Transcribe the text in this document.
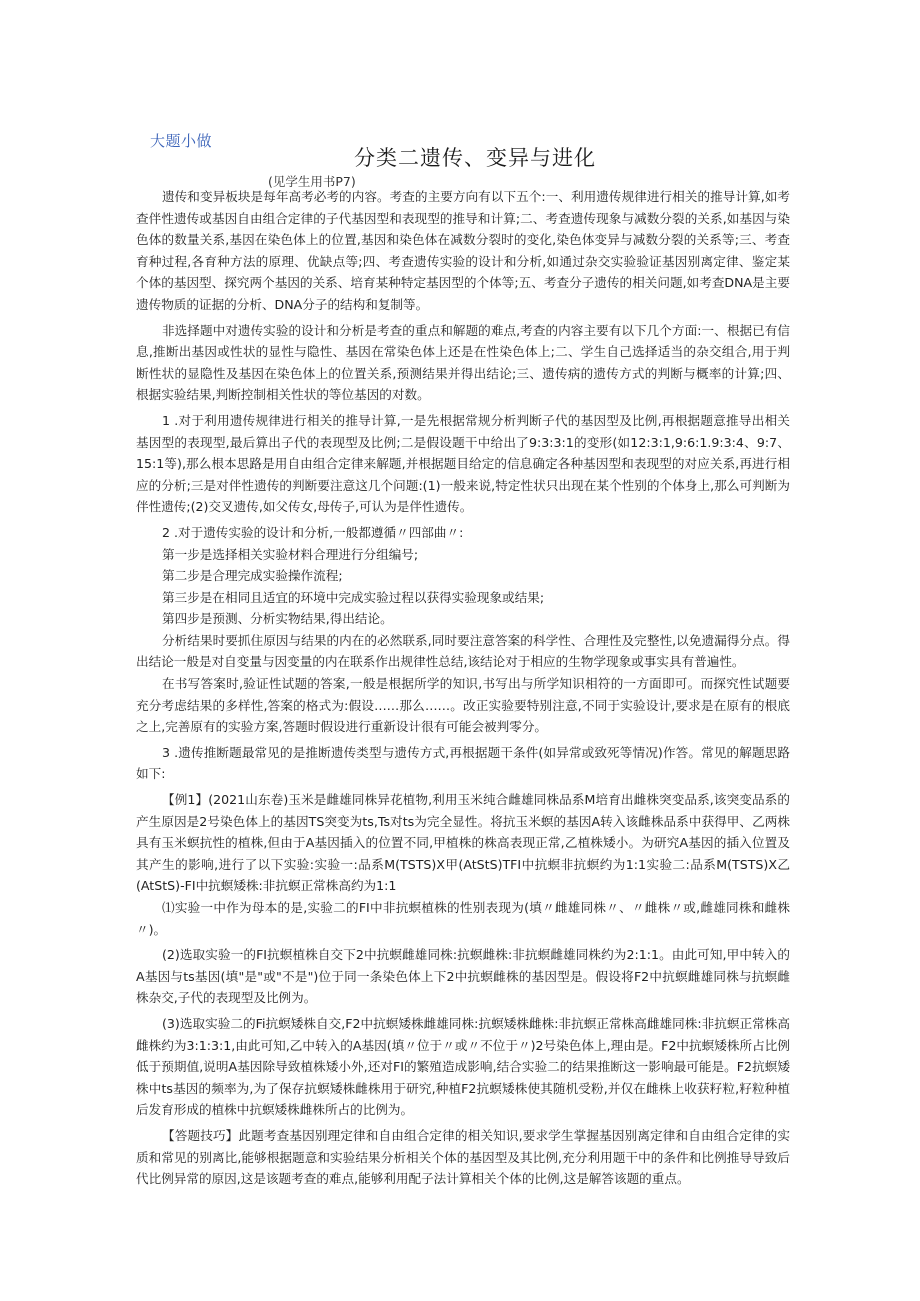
大题小做
分类二遗传、变异与进化
(见学生用书P7)

遗传和变异板块是每年高考必考的内容。考查的主要方向有以下五个:一、利用遗传规律进行相关的推导计算,如考查伴性遗传或基因自由组合定律的子代基因型和表现型的推导和计算;二、考查遗传现象与减数分裂的关系,如基因与染色体的数量关系,基因在染色体上的位置,基因和染色体在减数分裂时的变化,染色体变异与减数分裂的关系等;三、考查育种过程,各育种方法的原理、优缺点等;四、考查遗传实验的设计和分析,如通过杂交实验验证基因别离定律、鉴定某个体的基因型、探究两个基因的关系、培育某种特定基因型的个体等;五、考查分子遗传的相关问题,如考查DNA是主要遗传物质的证据的分析、DNA分子的结构和复制等。

非选择题中对遗传实验的设计和分析是考查的重点和解题的难点,考查的内容主要有以下几个方面:一、根据已有信息,推断出基因或性状的显性与隐性、基因在常染色体上还是在性染色体上;二、学生自己选择适当的杂交组合,用于判断性状的显隐性及基因在染色体上的位置关系,预测结果并得出结论;三、遗传病的遗传方式的判断与概率的计算;四、根据实验结果,判断控制相关性状的等位基因的对数。

1 .对于利用遗传规律进行相关的推导计算,一是先根据常规分析判断子代的基因型及比例,再根据题意推导出相关基因型的表现型,最后算出子代的表现型及比例;二是假设题干中给出了9:3:3:1的变形(如12:3:1,9:6:1.9:3:4、9:7、15:1等),那么根本思路是用自由组合定律来解题,并根据题目给定的信息确定各种基因型和表现型的对应关系,再进行相应的分析;三是对伴性遗传的判断要注意这几个问题:(1)一般来说,特定性状只出现在某个性别的个体身上,那么可判断为伴性遗传;(2)交叉遗传,如父传女,母传子,可认为是伴性遗传。

2 .对于遗传实验的设计和分析,一般都遵循〃四部曲〃:

第一步是选择相关实验材料合理进行分组编号;

第二步是合理完成实验操作流程;

第三步是在相同且适宜的环境中完成实验过程以获得实验现象或结果;

第四步是预测、分析实物结果,得出结论。

分析结果时要抓住原因与结果的内在的必然联系,同时要注意答案的科学性、合理性及完整性,以免遗漏得分点。得出结论一般是对自变量与因变量的内在联系作出规律性总结,该结论对于相应的生物学现象或事实具有普遍性。

在书写答案时,验证性试题的答案,一般是根据所学的知识,书写出与所学知识相符的一方面即可。而探究性试题要充分考虑结果的多样性,答案的格式为:假设……那么……。改正实验要特别注意,不同于实验设计,要求是在原有的根底之上,完善原有的实验方案,答题时假设进行重新设计很有可能会被判零分。

3 .遗传推断题最常见的是推断遗传类型与遗传方式,再根据题干条件(如异常或致死等情况)作答。常见的解题思路如下:

【例1】(2021山东卷)玉米是雌雄同株异花植物,利用玉米纯合雌雄同株品系M培育出雌株突变品系,该突变品系的产生原因是2号染色体上的基因TS突变为ts,Ts对ts为完全显性。将抗玉米螟的基因A转入该雌株品系中获得甲、乙两株具有玉米螟抗性的植株,但由于A基因插入的位置不同,甲植株的株高表现正常,乙植株矮小。为研究A基因的插入位置及其产生的影响,进行了以下实验:实验一:品系M(TSTS)X甲(AtStS)TFI中抗螟非抗螟约为1:1实验二:品系M(TSTS)X乙(AtStS)-FI中抗螟矮株:非抗螟正常株高约为1:1

⑴实验一中作为母本的是,实验二的FI中非抗螟植株的性别表现为(填〃雌雄同株〃、〃雌株〃或,雌雄同株和雌株〃)。

(2)选取实验一的FI抗螟植株自交下2中抗螟雌雄同株:抗螟雌株:非抗螟雌雄同株约为2:1:1。由此可知,甲中转入的A基因与ts基因(填"是"或"不是")位于同一条染色体上下2中抗螟雌株的基因型是。假设将F2中抗螟雌雄同株与抗螟雌株杂交,子代的表现型及比例为。

(3)选取实验二的Fi抗螟矮株自交,F2中抗螟矮株雌雄同株:抗螟矮株雌株:非抗螟正常株高雌雄同株:非抗螟正常株高雌株约为3:1:3:1,由此可知,乙中转入的A基因(填〃位于〃或〃不位于〃)2号染色体上,理由是。F2中抗螟矮株所占比例低于预期值,说明A基因除导致植株矮小外,还对FI的繁殖造成影响,结合实验二的结果推断这一影响最可能是。F2抗螟矮株中ts基因的频率为,为了保存抗螟矮株雌株用于研究,种植F2抗螟矮株使其随机受粉,并仅在雌株上收获籽粒,籽粒种植后发育形成的植株中抗螟矮株雌株所占的比例为。

【答题技巧】此题考查基因别理定律和自由组合定律的相关知识,要求学生掌握基因别离定律和自由组合定律的实质和常见的别离比,能够根据题意和实验结果分析相关个体的基因型及其比例,充分利用题干中的条件和比例推导导致后代比例异常的原因,这是该题考查的难点,能够利用配子法计算相关个体的比例,这是解答该题的重点。
